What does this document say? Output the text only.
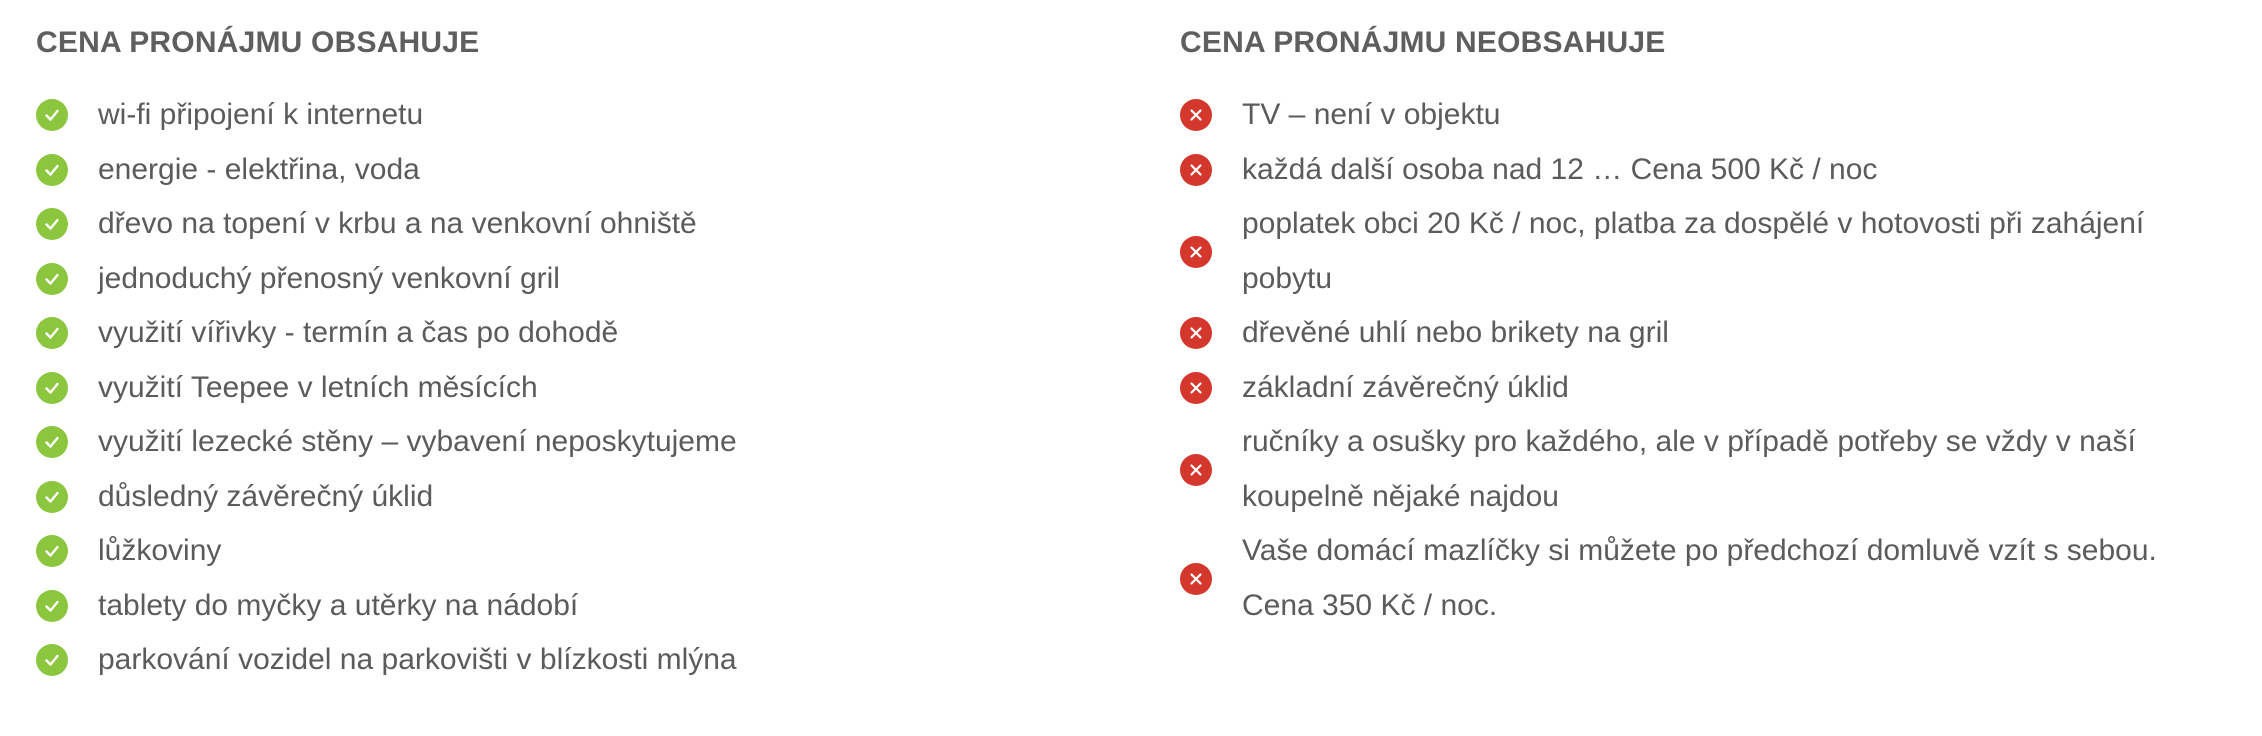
CENA PRONÁJMU OBSAHUJE
wi-fi připojení k internetu
energie - elektřina, voda
dřevo na topení v krbu a na venkovní ohniště
jednoduchý přenosný venkovní gril
využití vířivky - termín a čas po dohodě
využití Teepee v letních měsících
využití lezecké stěny – vybavení neposkytujeme
důsledný závěrečný úklid
lůžkoviny
tablety do myčky a utěrky na nádobí
parkování vozidel na parkovišti v blízkosti mlýna
CENA PRONÁJMU NEOBSAHUJE
TV – není v objektu
každá další osoba nad 12 … Cena 500 Kč / noc
poplatek obci 20 Kč / noc, platba za dospělé v hotovosti při zahájení pobytu
dřevěné uhlí nebo brikety na gril
základní závěrečný úklid
ručníky a osušky pro každého, ale v případě potřeby se vždy v naší koupelně nějaké najdou
Vaše domácí mazlíčky si můžete po předchozí domluvě vzít s sebou. Cena 350 Kč / noc.
